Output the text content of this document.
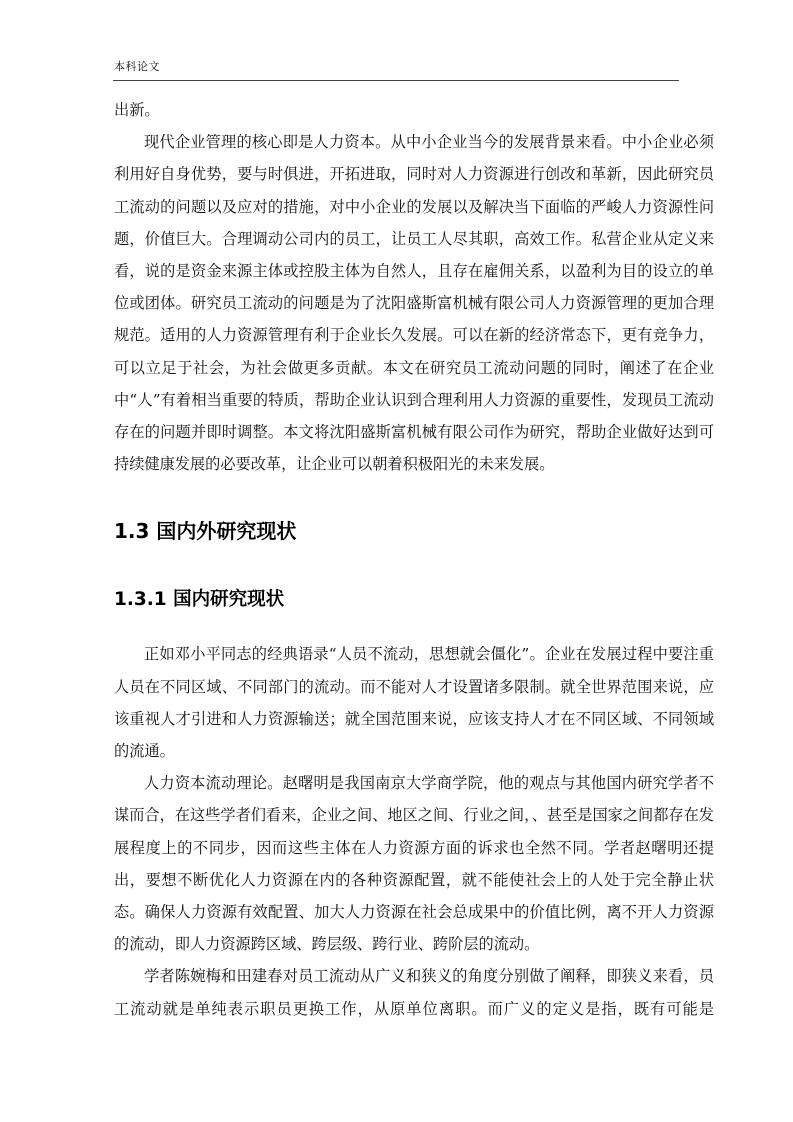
本科论文

出新。

现代企业管理的核心即是人力资本。从中小企业当今的发展背景来看。中小企业必须利用好自身优势，要与时俱进，开拓进取，同时对人力资源进行创改和革新，因此研究员工流动的问题以及应对的措施，对中小企业的发展以及解决当下面临的严峻人力资源性问题，价值巨大。合理调动公司内的员工，让员工人尽其职，高效工作。私营企业从定义来看，说的是资金来源主体或控股主体为自然人，且存在雇佣关系，以盈利为目的设立的单位或团体。研究员工流动的问题是为了沈阳盛斯富机械有限公司人力资源管理的更加合理规范。适用的人力资源管理有利于企业长久发展。可以在新的经济常态下，更有竞争力，可以立足于社会，为社会做更多贡献。本文在研究员工流动问题的同时，阐述了在企业中“人”有着相当重要的特质，帮助企业认识到合理利用人力资源的重要性，发现员工流动存在的问题并即时调整。本文将沈阳盛斯富机械有限公司作为研究，帮助企业做好达到可持续健康发展的必要改革，让企业可以朝着积极阳光的未来发展。

1.3 国内外研究现状
1.3.1 国内研究现状

正如邓小平同志的经典语录“人员不流动，思想就会僵化”。企业在发展过程中要注重人员在不同区域、不同部门的流动。而不能对人才设置诸多限制。就全世界范围来说，应该重视人才引进和人力资源输送；就全国范围来说，应该支持人才在不同区域、不同领域的流通。

人力资本流动理论。赵曙明是我国南京大学商学院，他的观点与其他国内研究学者不谋而合，在这些学者们看来，企业之间、地区之间、行业之间，、甚至是国家之间都存在发展程度上的不同步，因而这些主体在人力资源方面的诉求也全然不同。学者赵曙明还提出，要想不断优化人力资源在内的各种资源配置，就不能使社会上的人处于完全静止状态。确保人力资源有效配置、加大人力资源在社会总成果中的价值比例，离不开人力资源的流动，即人力资源跨区域、跨层级、跨行业、跨阶层的流动。

学者陈婉梅和田建春对员工流动从广义和狭义的角度分别做了阐释，即狭义来看，员工流动就是单纯表示职员更换工作，从原单位离职。而广义的定义是指，既有可能是
